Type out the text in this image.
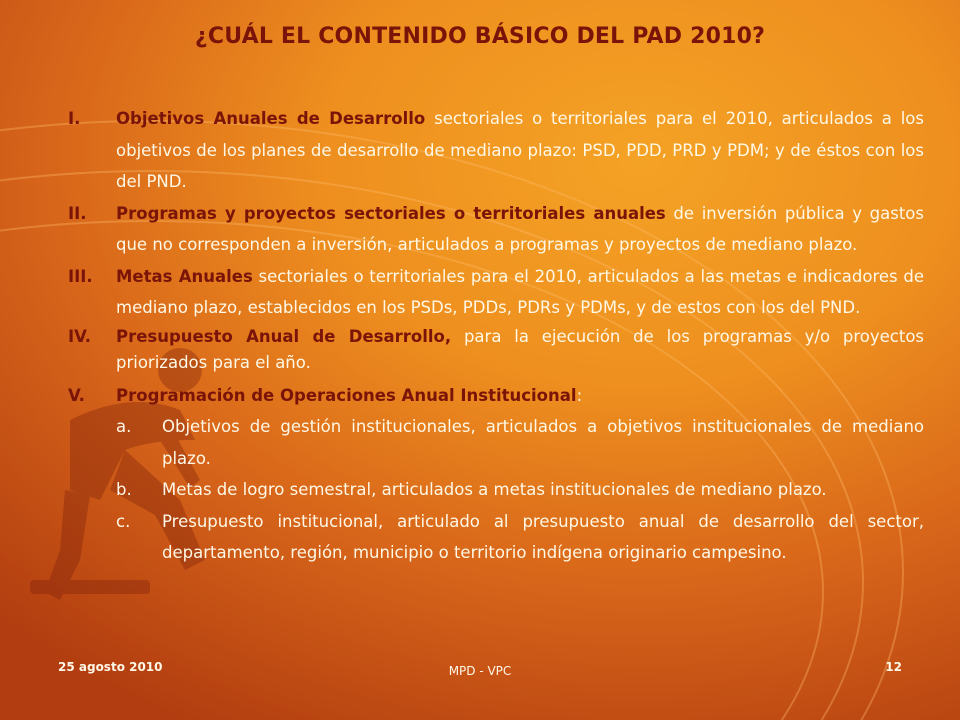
¿CUÁL EL CONTENIDO BÁSICO DEL PAD 2010?
I. Objetivos Anuales de Desarrollo sectoriales o territoriales para el 2010, articulados a los objetivos de los planes de desarrollo de mediano plazo: PSD, PDD, PRD y PDM; y de éstos con los del PND.
II. Programas y proyectos sectoriales o territoriales anuales de inversión pública y gastos que no corresponden a inversión, articulados a programas y proyectos de mediano plazo.
III. Metas Anuales sectoriales o territoriales para el 2010, articulados a las metas e indicadores de mediano plazo, establecidos en los PSDs, PDDs, PDRs y PDMs, y de estos con los del PND.
IV. Presupuesto Anual de Desarrollo, para la ejecución de los programas y/o proyectos priorizados para el año.
V. Programación de Operaciones Anual Institucional:
a. Objetivos de gestión institucionales, articulados a objetivos institucionales de mediano plazo.
b. Metas de logro semestral, articulados a metas institucionales de mediano plazo.
c. Presupuesto institucional, articulado al presupuesto anual de desarrollo del sector, departamento, región, municipio o territorio indígena originario campesino.
25 agosto 2010	MPD - VPC	12
